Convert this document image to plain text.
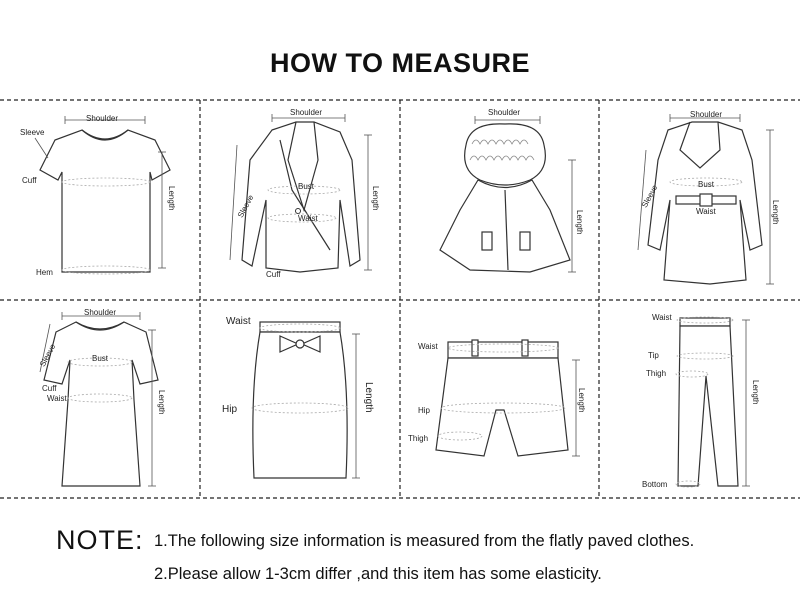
HOW TO MEASURE
Shoulder
Sleeve
Cuff
Length
Hem
Shoulder
Sleeve
Bust
Waist
Cuff
Length
Shoulder
Length
Shoulder
Sleeve	Bust
Waist	Length
Shoulder
Sleeve	Bust
Cuff
Waist	Length
Waist
Hip	Length
Waist
Hip
Thigh
Length
Waist
Tip
Thigh
Length
Bottom
NOTE: 1.The following size information is measured from the flatly paved clothes.
2.Please allow 1-3cm differ ,and this item has some elasticity.
